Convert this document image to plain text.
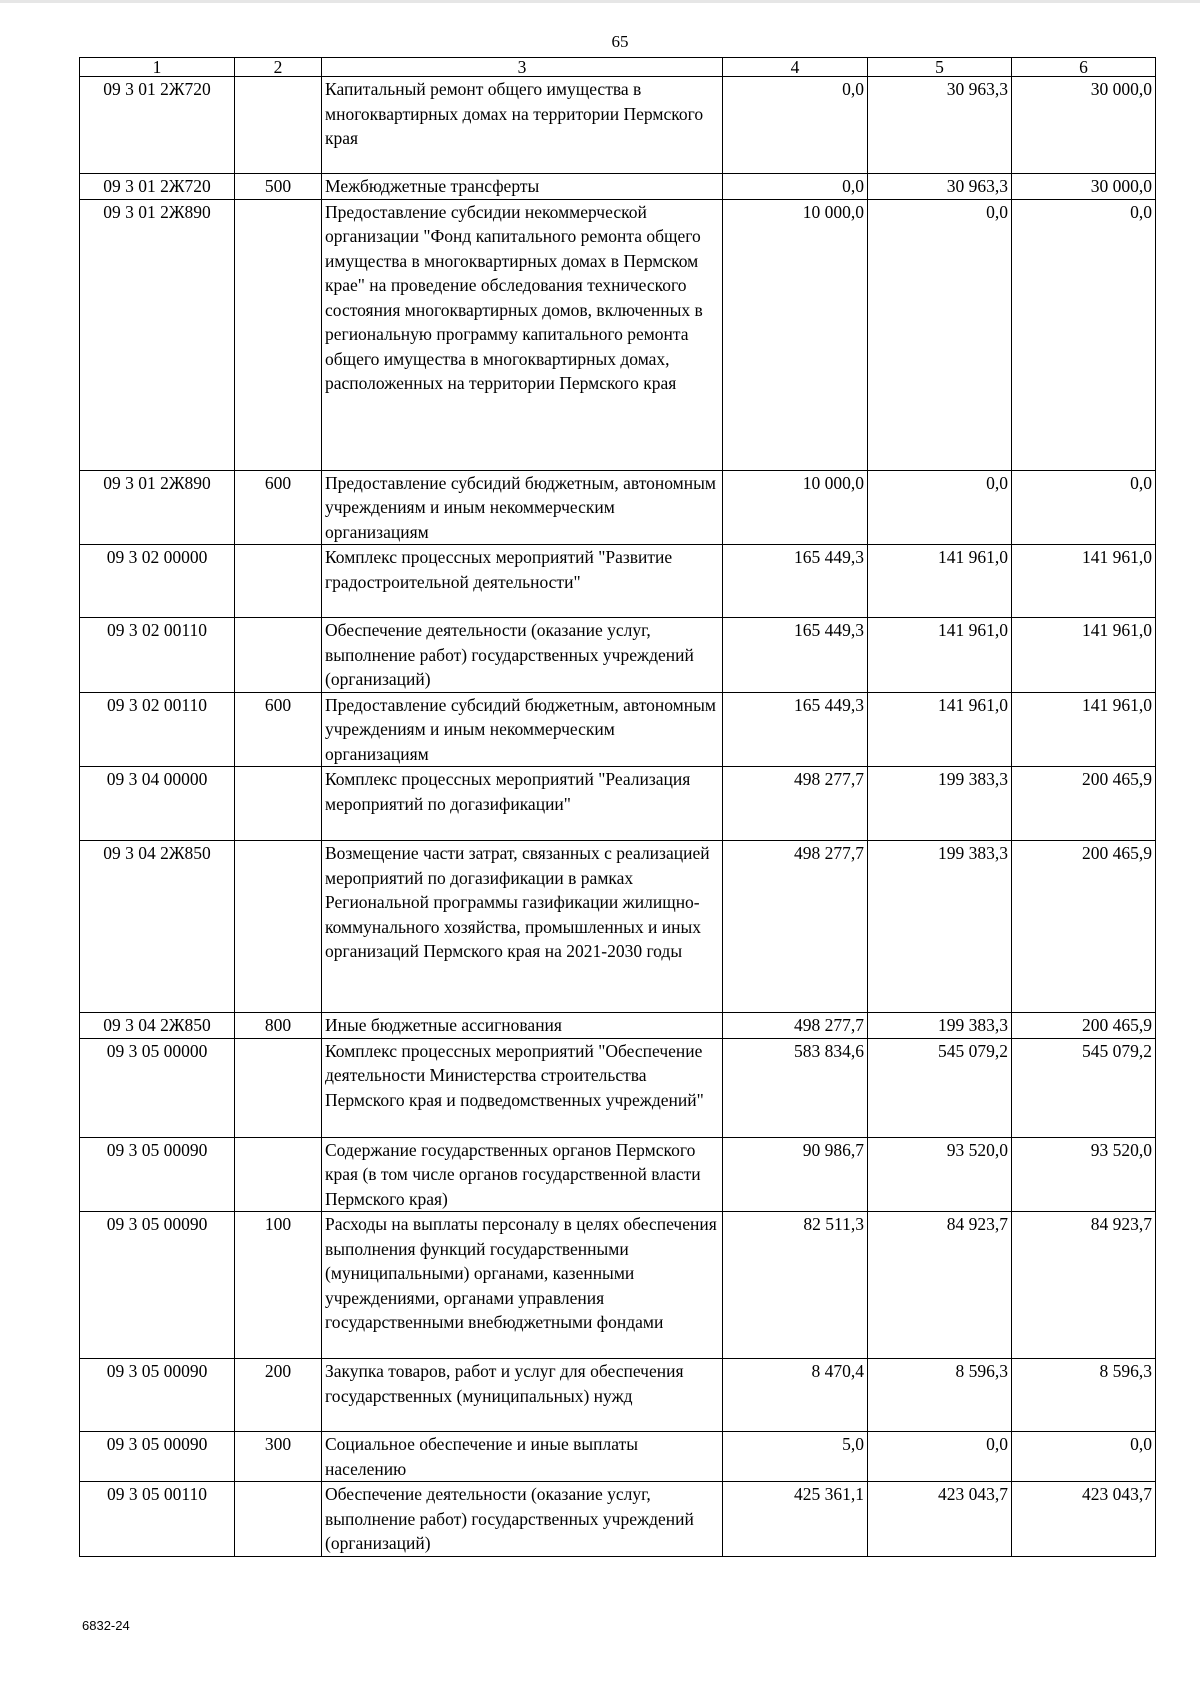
65
1	2	3	4	5	6
09 3 01 2Ж720		Капитальный ремонт общего имущества в многоквартирных домах на территории Пермского края	0,0	30 963,3	30 000,0
09 3 01 2Ж720	500	Межбюджетные трансферты	0,0	30 963,3	30 000,0
09 3 01 2Ж890		Предоставление субсидии некоммерческой организации "Фонд капитального ремонта общего имущества в многоквартирных домах в Пермском крае" на проведение обследования технического состояния многоквартирных домов, включенных в региональную программу капитального ремонта общего имущества в многоквартирных домах, расположенных на территории Пермского края	10 000,0	0,0	0,0
09 3 01 2Ж890	600	Предоставление субсидий бюджетным, автономным учреждениям и иным некоммерческим организациям	10 000,0	0,0	0,0
09 3 02 00000		Комплекс процессных мероприятий "Развитие градостроительной деятельности"	165 449,3	141 961,0	141 961,0
09 3 02 00110		Обеспечение деятельности (оказание услуг, выполнение работ) государственных учреждений (организаций)	165 449,3	141 961,0	141 961,0
09 3 02 00110	600	Предоставление субсидий бюджетным, автономным учреждениям и иным некоммерческим организациям	165 449,3	141 961,0	141 961,0
09 3 04 00000		Комплекс процессных мероприятий "Реализация мероприятий по догазификации"	498 277,7	199 383,3	200 465,9
09 3 04 2Ж850		Возмещение части затрат, связанных с реализацией мероприятий по догазификации в рамках Региональной программы газификации жилищно-коммунального хозяйства, промышленных и иных организаций Пермского края на 2021-2030 годы	498 277,7	199 383,3	200 465,9
09 3 04 2Ж850	800	Иные бюджетные ассигнования	498 277,7	199 383,3	200 465,9
09 3 05 00000		Комплекс процессных мероприятий "Обеспечение деятельности Министерства строительства Пермского края и подведомственных учреждений"	583 834,6	545 079,2	545 079,2
09 3 05 00090		Содержание государственных органов Пермского края (в том числе органов государственной власти Пермского края)	90 986,7	93 520,0	93 520,0
09 3 05 00090	100	Расходы на выплаты персоналу в целях обеспечения выполнения функций государственными (муниципальными) органами, казенными учреждениями, органами управления государственными внебюджетными фондами	82 511,3	84 923,7	84 923,7
09 3 05 00090	200	Закупка товаров, работ и услуг для обеспечения государственных (муниципальных) нужд	8 470,4	8 596,3	8 596,3
09 3 05 00090	300	Социальное обеспечение и иные выплаты населению	5,0	0,0	0,0
09 3 05 00110		Обеспечение деятельности (оказание услуг, выполнение работ) государственных учреждений (организаций)	425 361,1	423 043,7	423 043,7
6832-24
